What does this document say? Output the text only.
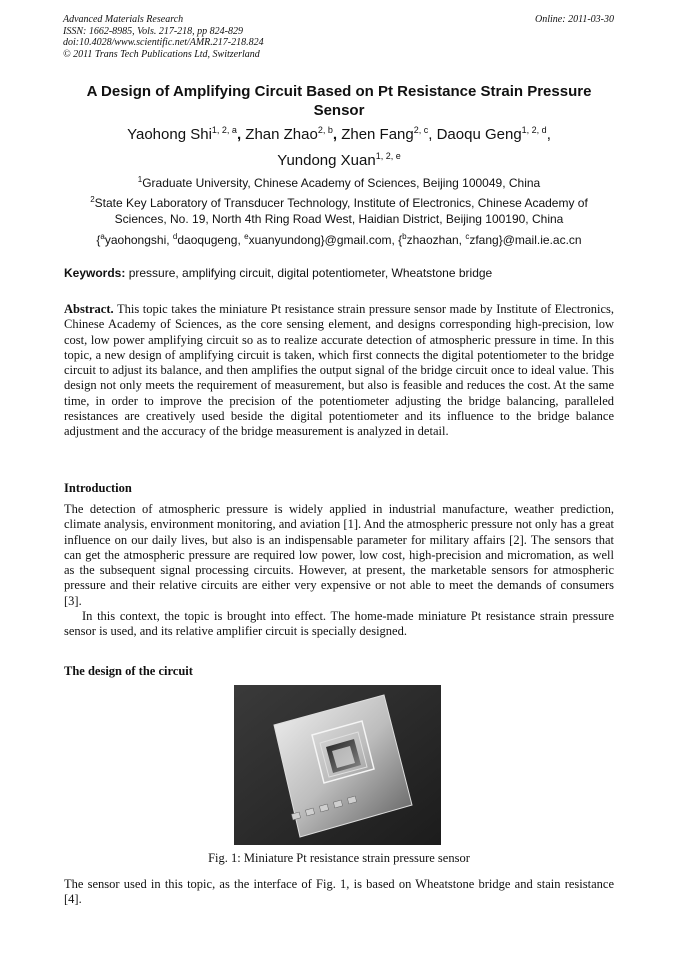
Advanced Materials Research
ISSN: 1662-8985, Vols. 217-218, pp 824-829
doi:10.4028/www.scientific.net/AMR.217-218.824
© 2011 Trans Tech Publications Ltd, Switzerland
Online: 2011-03-30
A Design of Amplifying Circuit Based on Pt Resistance Strain Pressure Sensor
Yaohong Shi$^{1, 2, a}$, Zhan Zhao$^{2, b}$, Zhen Fang$^{2, c}$, Daoqu Geng$^{1, 2, d}$,
Yundong Xuan$^{1, 2, e}$
$^1$Graduate University, Chinese Academy of Sciences, Beijing 100049, China
$^2$State Key Laboratory of Transducer Technology, Institute of Electronics, Chinese Academy of Sciences, No. 19, North 4th Ring Road West, Haidian District, Beijing 100190, China
{$^a$yaohongshi, $^d$daoqugeng, $^e$xuanyundong}@gmail.com, {$^b$zhaozhan, $^c$zfang}@mail.ie.ac.cn
Keywords: pressure, amplifying circuit, digital potentiometer, Wheatstone bridge
Abstract. This topic takes the miniature Pt resistance strain pressure sensor made by Institute of Electronics, Chinese Academy of Sciences, as the core sensing element, and designs corresponding high-precision, low cost, low power amplifying circuit so as to realize accurate detection of atmospheric pressure in time. In this topic, a new design of amplifying circuit is taken, which first connects the digital potentiometer to the bridge circuit to adjust its balance, and then amplifies the output signal of the bridge circuit once to ideal value. This design not only meets the requirement of measurement, but also is feasible and reduces the cost. At the same time, in order to improve the precision of the potentiometer adjusting the bridge balancing, paralleled resistances are creatively used beside the digital potentiometer and its influence to the bridge balance adjustment and the accuracy of the bridge measurement is analyzed in detail.
Introduction

The detection of atmospheric pressure is widely applied in industrial manufacture, weather prediction, climate analysis, environment monitoring, and aviation [1]. And the atmospheric pressure not only has a great influence on our daily lives, but also is an indispensable parameter for military affairs [2]. The sensors that can get the atmospheric pressure are required low power, low cost, high-precision and micromation, as well as the subsequent signal processing circuits. However, at present, the marketable sensors for atmospheric pressure and their relative circuits are either very expensive or not able to meet the demands of consumers [3].

In this context, the topic is brought into effect. The home-made miniature Pt resistance strain pressure sensor is used, and its relative amplifier circuit is specially designed.

The design of the circuit
Fig. 1: Miniature Pt resistance strain pressure sensor
The sensor used in this topic, as the interface of Fig. 1, is based on Wheatstone bridge and stain resistance [4].
